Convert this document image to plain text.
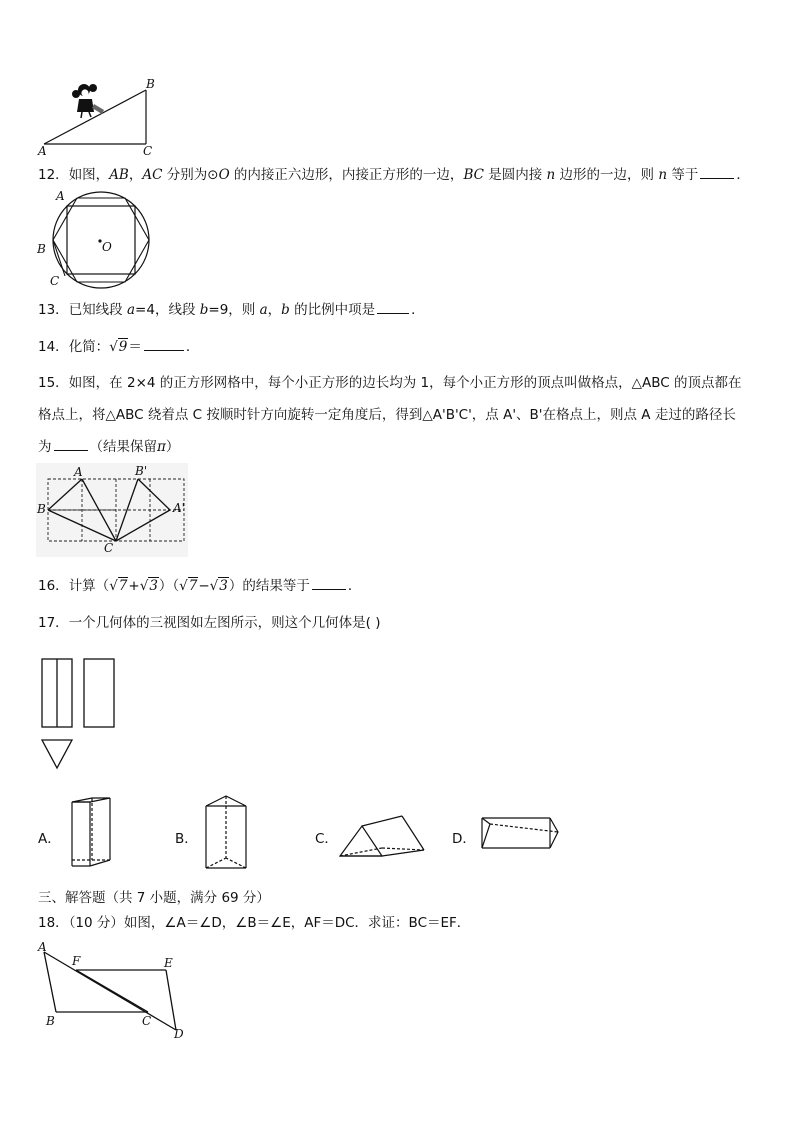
A
B
C
12．如图，AB，AC 分别为⊙O 的内接正六边形，内接正方形的一边，BC 是圆内接 n 边形的一边，则 n 等于	．
A
B
C
O
13．已知线段 a=4，线段 b=9，则 a，b 的比例中项是	．
14．化简：√9＝	．
15．如图，在 2×4 的正方形网格中，每个小正方形的边长均为 1，每个小正方形的顶点叫做格点，△ABC 的顶点都在
格点上，将△ABC 绕着点 C 按顺时针方向旋转一定角度后，得到△A'B'C'，点 A'、B'在格点上，则点 A 走过的路径长
为	（结果保留π）
A	B'
B	A'
C
16．计算（√7+√3）（√7−√3）的结果等于	．
17．一个几何体的三视图如左图所示，则这个几何体是( )
A．	B．	C．	D．
三、解答题（共 7 小题，满分 69 分）
18．（10 分）如图，∠A＝∠D，∠B＝∠E，AF＝DC．求证：BC＝EF．
A
F	E
B	C
D
